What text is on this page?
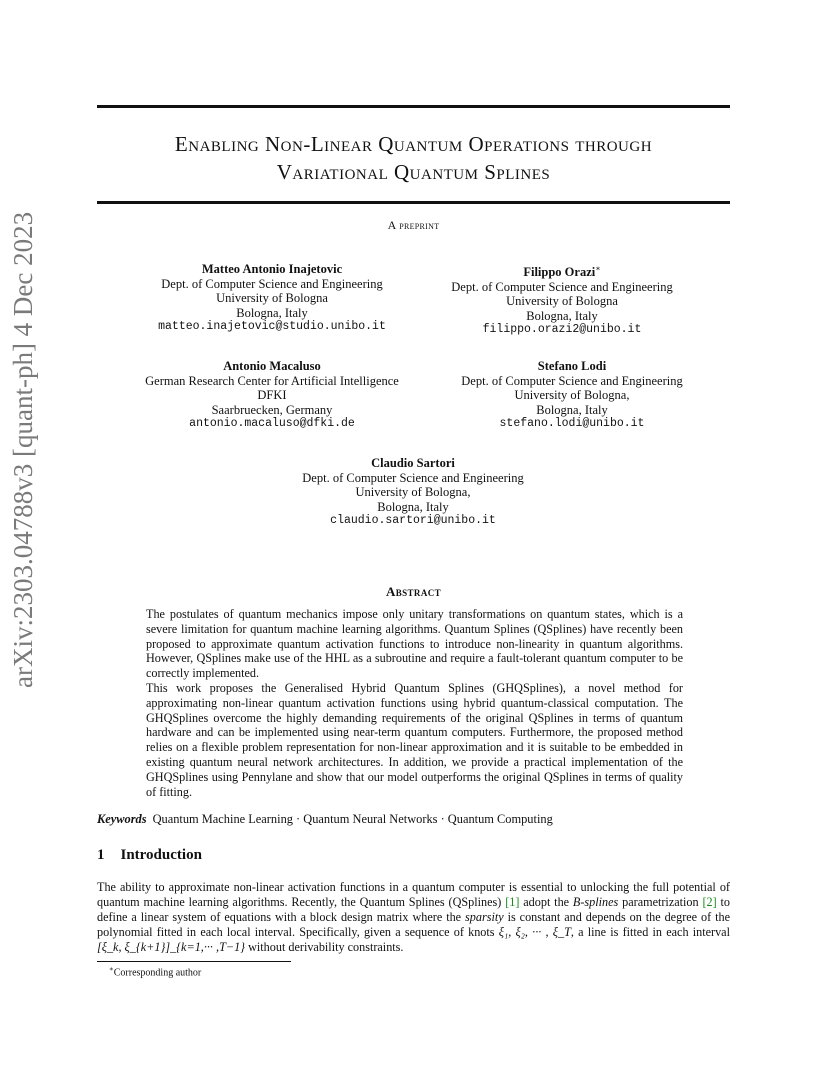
arXiv:2303.04788v3 [quant-ph] 4 Dec 2023
Enabling Non-Linear Quantum Operations through
Variational Quantum Splines
A preprint
Matteo Antonio Inajetovic
Dept. of Computer Science and Engineering
University of Bologna
Bologna, Italy
matteo.inajetovic@studio.unibo.it
Filippo Orazi∗
Dept. of Computer Science and Engineering
University of Bologna
Bologna, Italy
filippo.orazi2@unibo.it
Antonio Macaluso
German Research Center for Artificial Intelligence
DFKI
Saarbruecken, Germany
antonio.macaluso@dfki.de
Stefano Lodi
Dept. of Computer Science and Engineering
University of Bologna,
Bologna, Italy
stefano.lodi@unibo.it
Claudio Sartori
Dept. of Computer Science and Engineering
University of Bologna,
Bologna, Italy
claudio.sartori@unibo.it
Abstract

The postulates of quantum mechanics impose only unitary transformations on quantum states, which is a severe limitation for quantum machine learning algorithms. Quantum Splines (QSplines) have recently been proposed to approximate quantum activation functions to introduce non-linearity in quantum algorithms. However, QSplines make use of the HHL as a subroutine and require a fault-tolerant quantum computer to be correctly implemented.

This work proposes the Generalised Hybrid Quantum Splines (GHQSplines), a novel method for approximating non-linear quantum activation functions using hybrid quantum-classical computation. The GHQSplines overcome the highly demanding requirements of the original QSplines in terms of quantum hardware and can be implemented using near-term quantum computers. Furthermore, the proposed method relies on a flexible problem representation for non-linear approximation and it is suitable to be embedded in existing quantum neural network architectures. In addition, we provide a practical implementation of the GHQSplines using Pennylane and show that our model outperforms the original QSplines in terms of quality of fitting.

Keywords Quantum Machine Learning · Quantum Neural Networks · Quantum Computing
1 Introduction

The ability to approximate non-linear activation functions in a quantum computer is essential to unlocking the full potential of quantum machine learning algorithms. Recently, the Quantum Splines (QSplines) [1] adopt the B-splines parametrization [2] to define a linear system of equations with a block design matrix where the sparsity is constant and depends on the degree of the polynomial fitted in each local interval. Specifically, given a sequence of knots ξ₁, ξ₂, ··· , ξ_T, a line is fitted in each interval [ξ_k, ξ_{k+1}]_{k=1,··· ,T−1} without derivability constraints.

∗Corresponding author
